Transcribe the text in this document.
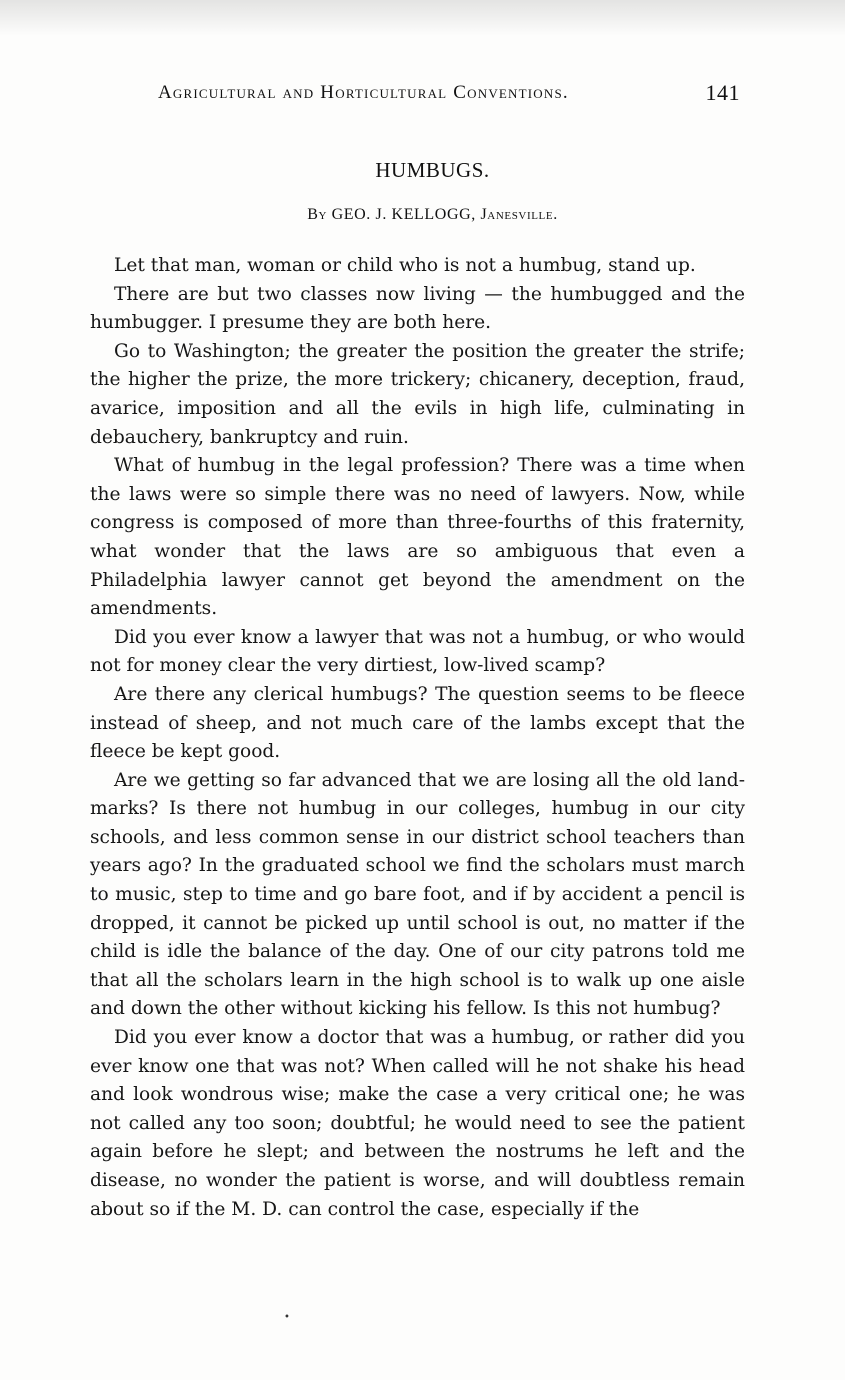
Agricultural and Horticultural Conventions.	141
HUMBUGS.
By GEO. J. KELLOGG, Janesville.

Let that man, woman or child who is not a humbug, stand up.

There are but two classes now living — the humbugged and the humbugger. I presume they are both here.

Go to Washington; the greater the position the greater the strife; the higher the prize, the more trickery; chicanery, deception, fraud, avarice, imposition and all the evils in high life, culminating in debauchery, bankruptcy and ruin.

What of humbug in the legal profession? There was a time when the laws were so simple there was no need of lawyers. Now, while congress is composed of more than three-fourths of this fraternity, what wonder that the laws are so ambiguous that even a Philadelphia lawyer cannot get beyond the amendment on the amendments.

Did you ever know a lawyer that was not a humbug, or who would not for money clear the very dirtiest, low-lived scamp?

Are there any clerical humbugs? The question seems to be fleece instead of sheep, and not much care of the lambs except that the fleece be kept good.

Are we getting so far advanced that we are losing all the old land-marks? Is there not humbug in our colleges, humbug in our city schools, and less common sense in our district school teachers than years ago? In the graduated school we find the scholars must march to music, step to time and go bare foot, and if by accident a pencil is dropped, it cannot be picked up until school is out, no matter if the child is idle the balance of the day. One of our city patrons told me that all the scholars learn in the high school is to walk up one aisle and down the other without kicking his fellow. Is this not humbug?

Did you ever know a doctor that was a humbug, or rather did you ever know one that was not? When called will he not shake his head and look wondrous wise; make the case a very critical one; he was not called any too soon; doubtful; he would need to see the patient again before he slept; and between the nostrums he left and the disease, no wonder the patient is worse, and will doubtless remain about so if the M. D. can control the case, especially if the

•
